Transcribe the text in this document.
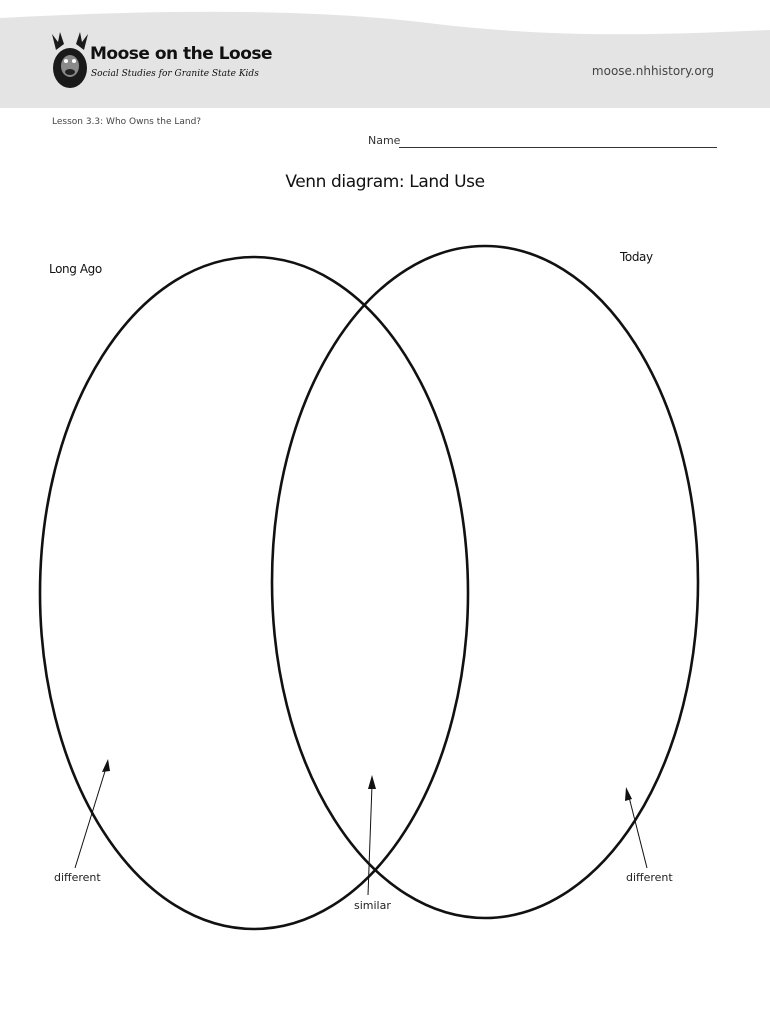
Moose on the Loose
Social Studies for Granite State Kids	moose.nhhistory.org
Lesson 3.3: Who Owns the Land?
Name
Venn diagram: Land Use
Long Ago
Today
different
similar
different
